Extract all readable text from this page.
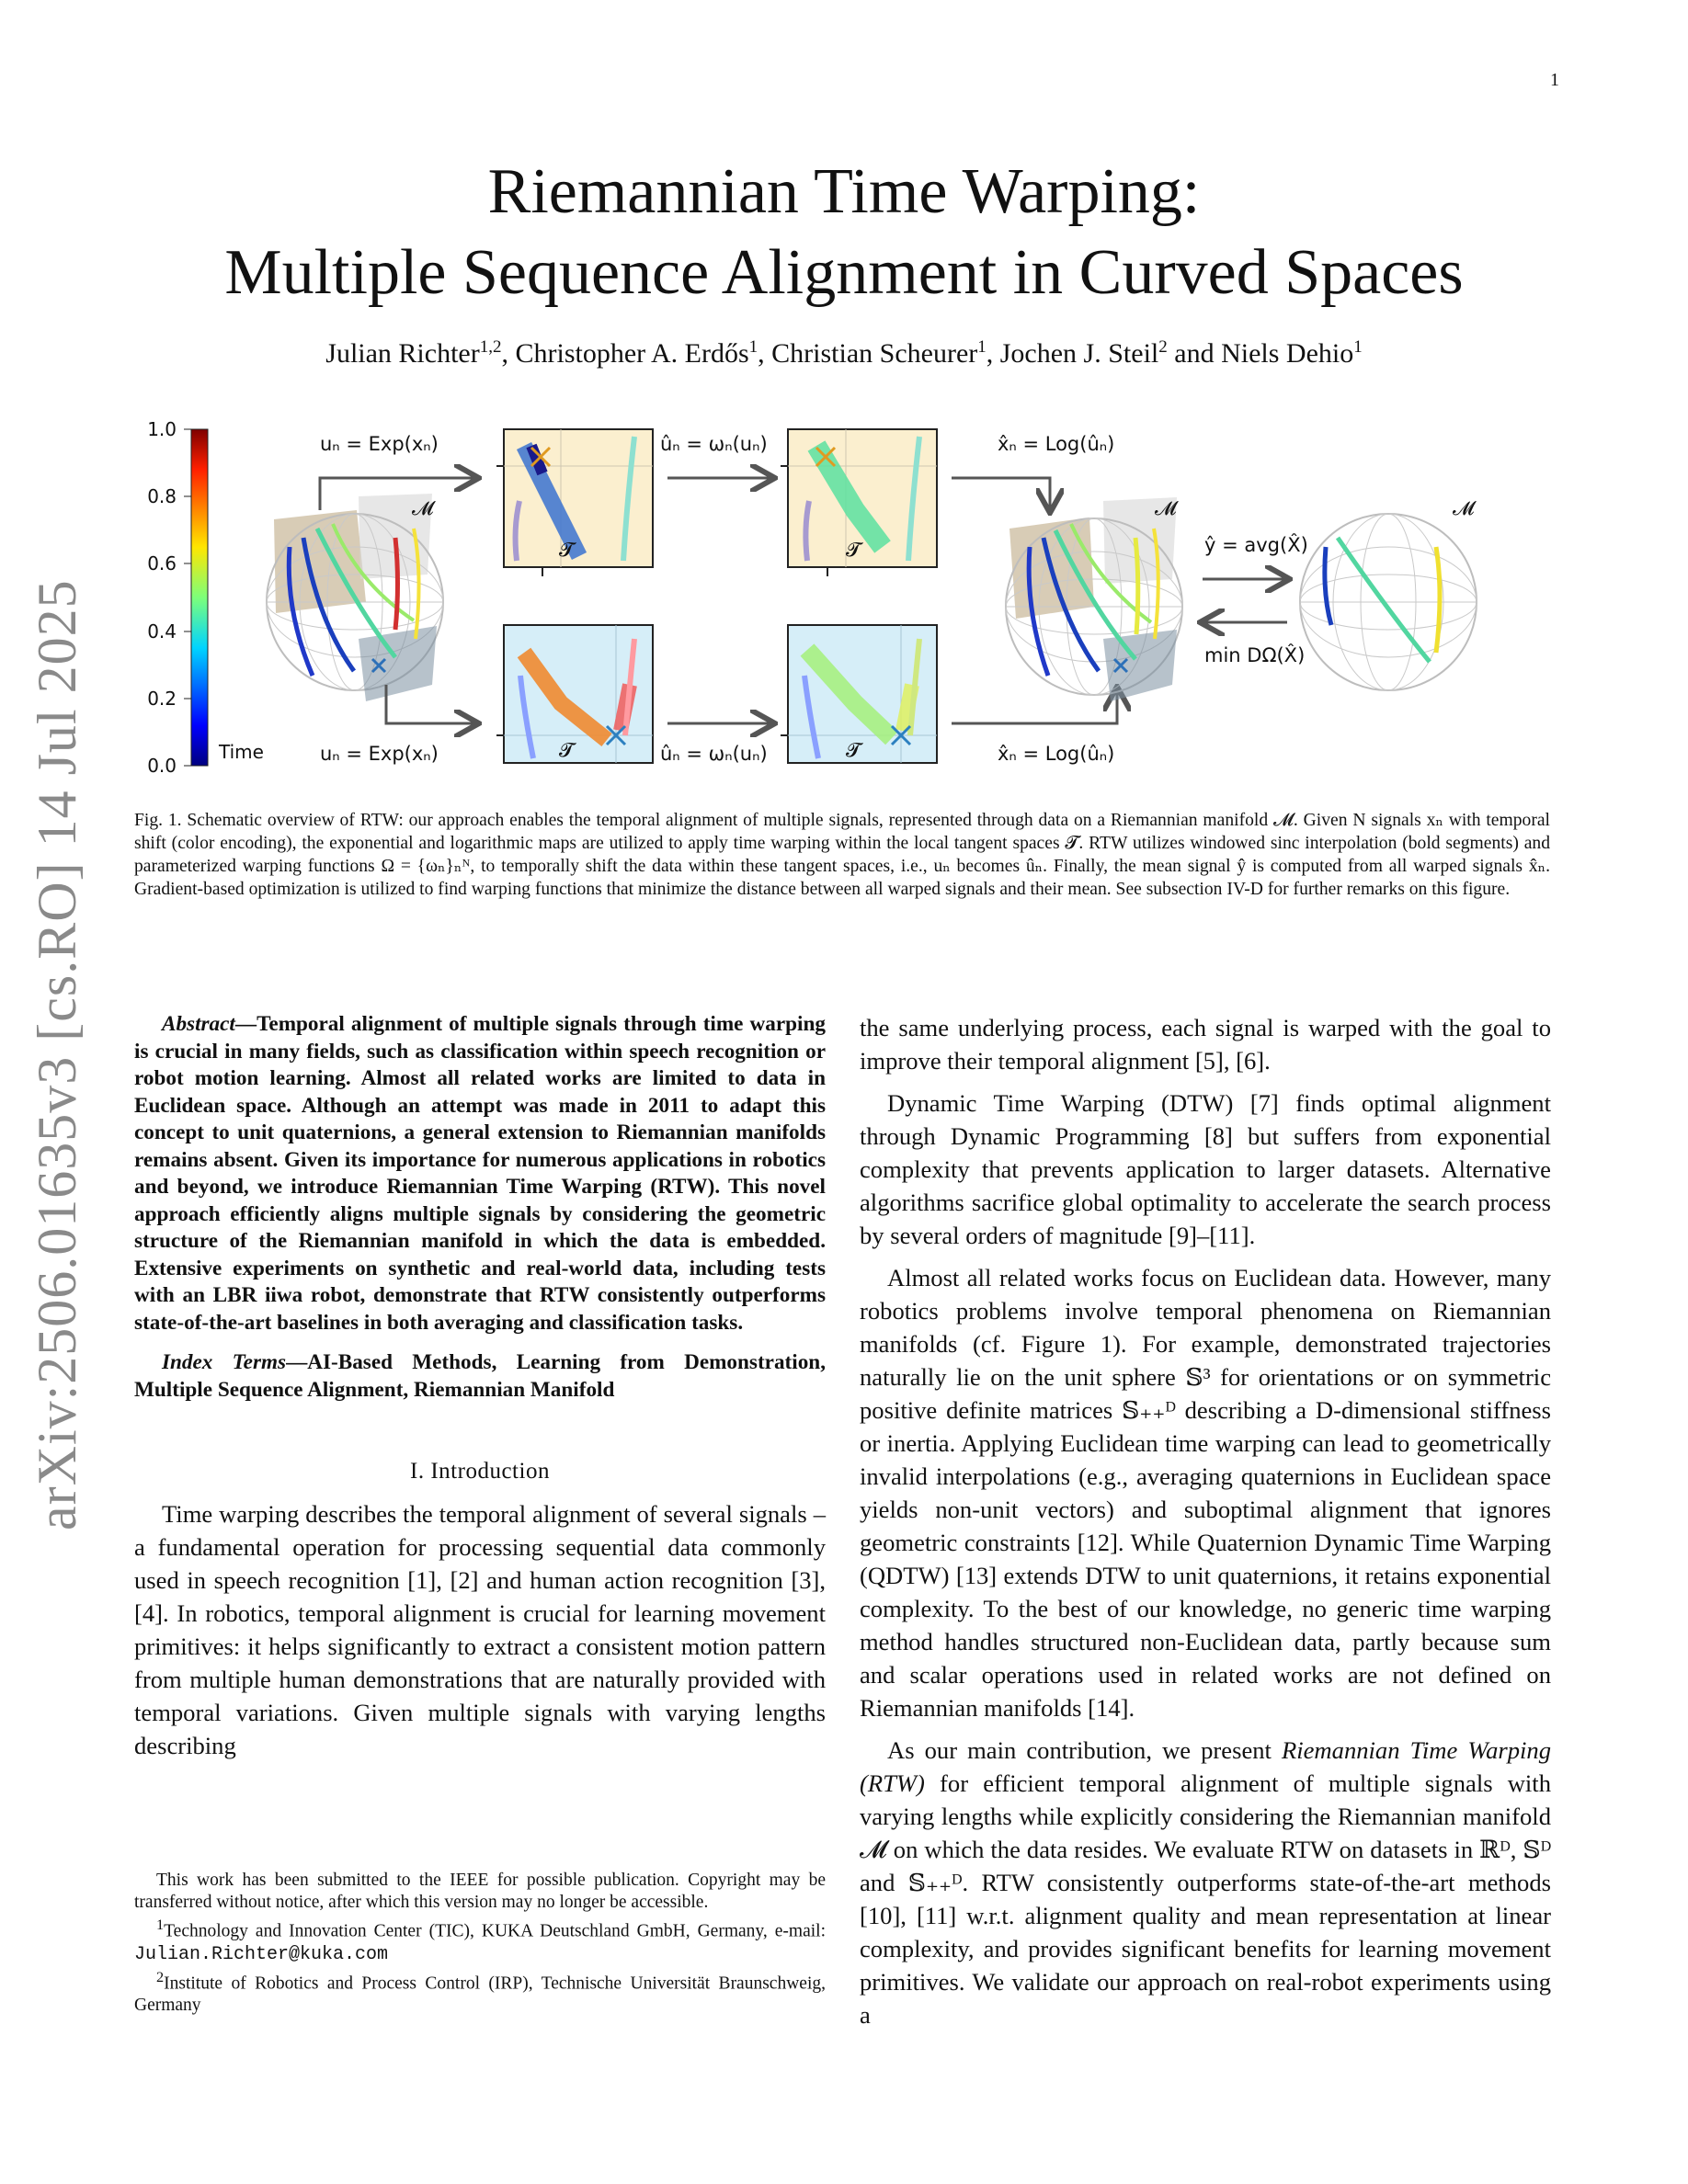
1
arXiv:2506.01635v3 [cs.RO] 14 Jul 2025
Riemannian Time Warping:
Multiple Sequence Alignment in Curved Spaces
Julian Richter$^{1,2}$, Christopher A. Erdős$^1$, Christian Scheurer$^1$, Jochen J. Steil$^2$ and Niels Dehio$^1$
1.0
0.8
0.6
0.4
0.2
0.0
Time
𝓜
uₙ = Exp(xₙ)
uₙ = Exp(xₙ)
𝓣	𝓣
𝓣	𝓣
ûₙ = ωₙ(uₙ)
ûₙ = ωₙ(uₙ)
x̂ₙ = Log(ûₙ)
x̂ₙ = Log(ûₙ)
𝓜
ŷ = avg(X̂)
min DΩ(X̂)
𝓜
Fig. 1. Schematic overview of RTW: our approach enables the temporal alignment of multiple signals, represented through data on a Riemannian manifold 𝓜. Given N signals xₙ with temporal shift (color encoding), the exponential and logarithmic maps are utilized to apply time warping within the local tangent spaces 𝓣. RTW utilizes windowed sinc interpolation (bold segments) and parameterized warping functions Ω = {ωₙ}ₙᴺ, to temporally shift the data within these tangent spaces, i.e., uₙ becomes ûₙ. Finally, the mean signal ŷ is computed from all warped signals x̂ₙ. Gradient-based optimization is utilized to find warping functions that minimize the distance between all warped signals and their mean. See subsection IV-D for further remarks on this figure.

Abstract—Temporal alignment of multiple signals through time warping is crucial in many fields, such as classification within speech recognition or robot motion learning. Almost all related works are limited to data in Euclidean space. Although an attempt was made in 2011 to adapt this concept to unit quaternions, a general extension to Riemannian manifolds remains absent. Given its importance for numerous applications in robotics and beyond, we introduce Riemannian Time Warping (RTW). This novel approach efficiently aligns multiple signals by considering the geometric structure of the Riemannian manifold in which the data is embedded. Extensive experiments on synthetic and real-world data, including tests with an LBR iiwa robot, demonstrate that RTW consistently outperforms state-of-the-art baselines in both averaging and classification tasks.

Index Terms—AI-Based Methods, Learning from Demonstration, Multiple Sequence Alignment, Riemannian Manifold

I. Introduction

Time warping describes the temporal alignment of several signals – a fundamental operation for processing sequential data commonly used in speech recognition [1], [2] and human action recognition [3], [4]. In robotics, temporal alignment is crucial for learning movement primitives: it helps significantly to extract a consistent motion pattern from multiple human demonstrations that are naturally provided with temporal variations. Given multiple signals with varying lengths describing

This work has been submitted to the IEEE for possible publication. Copyright may be transferred without notice, after which this version may no longer be accessible.

$^1$Technology and Innovation Center (TIC), KUKA Deutschland GmbH, Germany, e-mail: Julian.Richter@kuka.com

$^2$Institute of Robotics and Process Control (IRP), Technische Universität Braunschweig, Germany

the same underlying process, each signal is warped with the goal to improve their temporal alignment [5], [6].

Dynamic Time Warping (DTW) [7] finds optimal alignment through Dynamic Programming [8] but suffers from exponential complexity that prevents application to larger datasets. Alternative algorithms sacrifice global optimality to accelerate the search process by several orders of magnitude [9]–[11].

Almost all related works focus on Euclidean data. However, many robotics problems involve temporal phenomena on Riemannian manifolds (cf. Figure 1). For example, demonstrated trajectories naturally lie on the unit sphere 𝕊³ for orientations or on symmetric positive definite matrices 𝕊₊₊ᴰ describing a D-dimensional stiffness or inertia. Applying Euclidean time warping can lead to geometrically invalid interpolations (e.g., averaging quaternions in Euclidean space yields non-unit vectors) and suboptimal alignment that ignores geometric constraints [12]. While Quaternion Dynamic Time Warping (QDTW) [13] extends DTW to unit quaternions, it retains exponential complexity. To the best of our knowledge, no generic time warping method handles structured non-Euclidean data, partly because sum and scalar operations used in related works are not defined on Riemannian manifolds [14].

As our main contribution, we present Riemannian Time Warping (RTW) for efficient temporal alignment of multiple signals with varying lengths while explicitly considering the Riemannian manifold 𝓜 on which the data resides. We evaluate RTW on datasets in ℝᴰ, 𝕊ᴰ and 𝕊₊₊ᴰ. RTW consistently outperforms state-of-the-art methods [10], [11] w.r.t. alignment quality and mean representation at linear complexity, and provides significant benefits for learning movement primitives. We validate our approach on real-robot experiments using a
